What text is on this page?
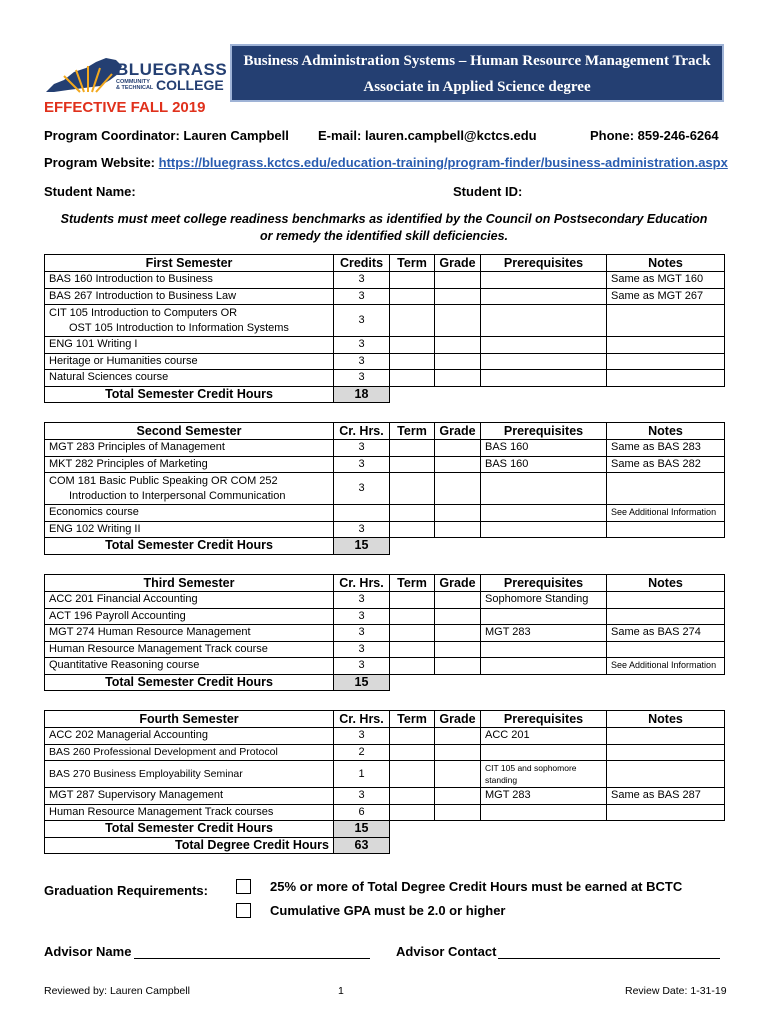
BLUEGRASS
COMMUNITY
& TECHNICAL COLLEGE
Business Administration Systems – Human Resource Management Track
Associate in Applied Science degree
EFFECTIVE FALL 2019
Program Coordinator: Lauren Campbell E-mail: lauren.campbell@kctcs.edu	Phone: 859-246-6264
Program Website: https://bluegrass.kctcs.edu/education-training/program-finder/business-administration.aspx
Student Name:	Student ID:
Students must meet college readiness benchmarks as identified by the Council on Postsecondary Education
or remedy the identified skill deficiencies.
First Semester	Credits	Term	Grade	Prerequisites	Notes
BAS 160 Introduction to Business	3				Same as MGT 160
BAS 267 Introduction to Business Law	3				Same as MGT 267

CIT 105 Introduction to Computers OR
OST 105 Introduction to Information Systems	3				
ENG 101 Writing I	3				
Heritage or Humanities course	3				
Natural Sciences course	3				
Total Semester Credit Hours	18				
Second Semester	Cr. Hrs.	Term	Grade	Prerequisites	Notes
MGT 283 Principles of Management	3			BAS 160	Same as BAS 283
MKT 282 Principles of Marketing	3			BAS 160	Same as BAS 282

COM 181 Basic Public Speaking OR COM 252
Introduction to Interpersonal Communication	3				
Economics course					See Additional Information
ENG 102 Writing II	3				
Total Semester Credit Hours	15				
Third Semester	Cr. Hrs.	Term	Grade	Prerequisites	Notes
ACC 201 Financial Accounting	3			Sophomore Standing	
ACT 196 Payroll Accounting	3				
MGT 274 Human Resource Management	3			MGT 283	Same as BAS 274
Human Resource Management Track course	3				
Quantitative Reasoning course	3				See Additional Information
Total Semester Credit Hours	15				
Fourth Semester	Cr. Hrs.	Term	Grade	Prerequisites	Notes
ACC 202 Managerial Accounting	3			ACC 201	
BAS 260 Professional Development and Protocol	2				
BAS 270 Business Employability Seminar	1			CIT 105 and sophomore standing	
MGT 287 Supervisory Management	3			MGT 283	Same as BAS 287
Human Resource Management Track courses	6				
Total Semester Credit Hours	15				
Total Degree Credit Hours	63				
Graduation Requirements:	25% or more of Total Degree Credit Hours must be earned at BCTC
Cumulative GPA must be 2.0 or higher
Advisor Name	Advisor Contact
Reviewed by: Lauren Campbell	1	Review Date: 1-31-19
